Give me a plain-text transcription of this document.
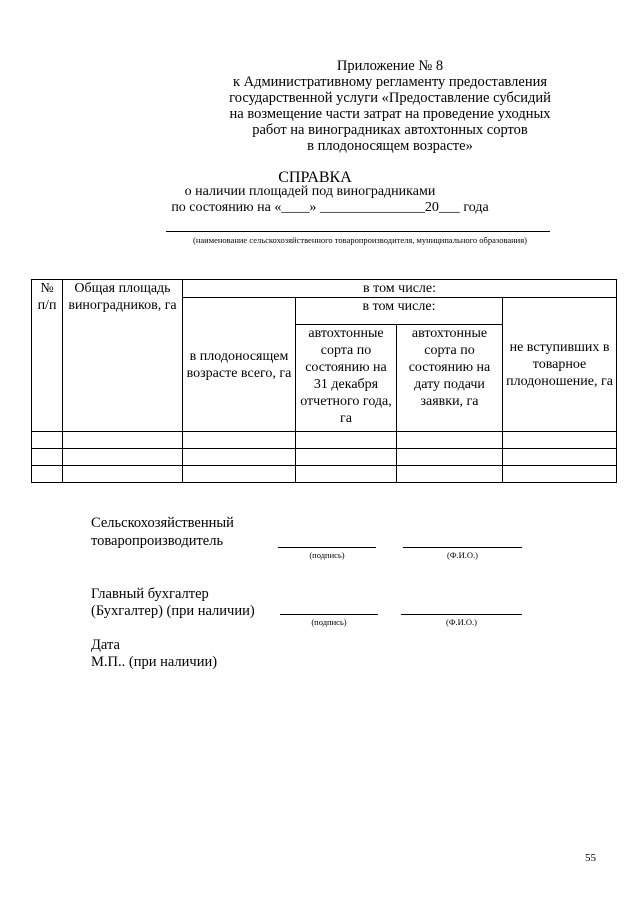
Приложение № 8
к Административному регламенту предоставления
государственной услуги «Предоставление субсидий
на возмещение части затрат на проведение уходных
работ на виноградниках автохтонных сортов
в плодоносящем возрасте»
СПРАВКА
о наличии площадей под виноградниками
по состоянию на «____» _______________20___ года
(наименование сельскохозяйственного товаропроизводителя, муниципального образования)
№ п/п	Общая площадь виноградников, га	в том числе:			
		в плодоносящем возрасте всего, га	в том числе:		не вступивших в товарное плодоношение, га
			автохтонные сорта по состоянию на 31 декабря отчетного года, га	автохтонные сорта по состоянию на дату подачи заявки, га	

Сельскохозяйственный
товаропроизводитель
(подпись)	(Ф.И.О.)
Главный бухгалтер
(Бухгалтер) (при наличии)
(подпись)	(Ф.И.О.)
Дата
М.П.. (при наличии)
55
